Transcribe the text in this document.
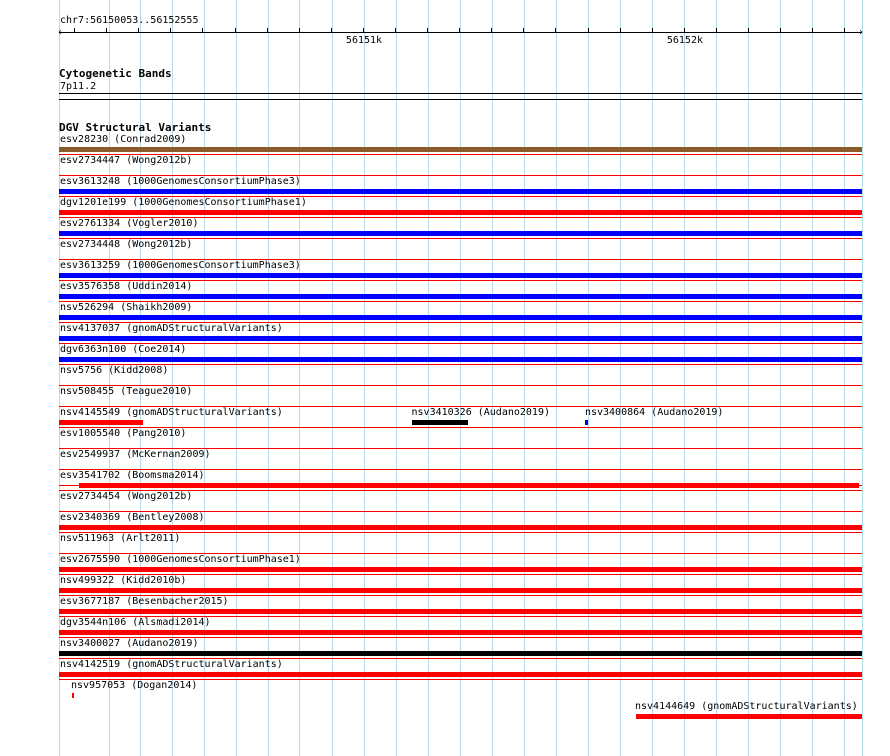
chr7:56150053..56152555
‹	›
56151k	56152k
Cytogenetic Bands
7p11.2
DGV Structural Variants
esv28230 (Conrad2009)
esv2734447 (Wong2012b)
esv3613248 (1000GenomesConsortiumPhase3)
dgv1201e199 (1000GenomesConsortiumPhase1)
esv2761334 (Vogler2010)
esv2734448 (Wong2012b)
esv3613259 (1000GenomesConsortiumPhase3)
esv3576358 (Uddin2014)
nsv526294 (Shaikh2009)
nsv4137037 (gnomADStructuralVariants)
dgv6363n100 (Coe2014)
nsv5756 (Kidd2008)
nsv508455 (Teague2010)
nsv4145549 (gnomADStructuralVariants)	nsv3410326 (Audano2019)	nsv3400864 (Audano2019)
esv1005540 (Pang2010)
esv2549937 (McKernan2009)
esv3541702 (Boomsma2014)
esv2734454 (Wong2012b)
esv2340369 (Bentley2008)
nsv511963 (Arlt2011)
esv2675590 (1000GenomesConsortiumPhase1)
nsv499322 (Kidd2010b)
esv3677187 (Besenbacher2015)
dgv3544n106 (Alsmadi2014)
nsv3400027 (Audano2019)
nsv4142519 (gnomADStructuralVariants)
nsv957053 (Dogan2014)
nsv4144649 (gnomADStructuralVariants)
